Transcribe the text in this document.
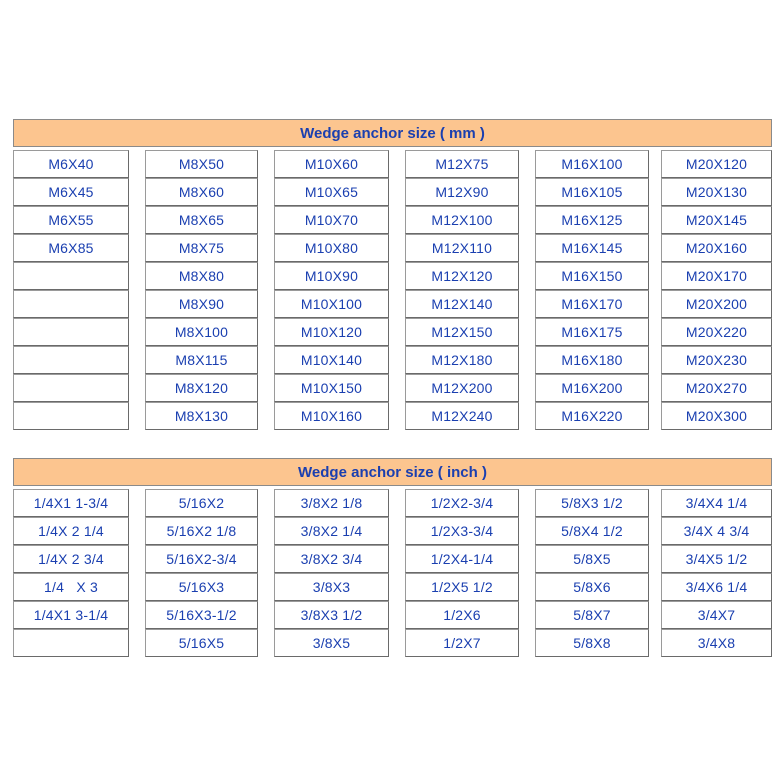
Wedge anchor size ( mm )
M6X40
M6X45
M6X55
M6X85
M8X50
M8X60
M8X65
M8X75
M8X80
M8X90
M8X100
M8X115
M8X120
M8X130
M10X60
M10X65
M10X70
M10X80
M10X90
M10X100
M10X120
M10X140
M10X150
M10X160
M12X75
M12X90
M12X100
M12X110
M12X120
M12X140
M12X150
M12X180
M12X200
M12X240
M16X100
M16X105
M16X125
M16X145
M16X150
M16X170
M16X175
M16X180
M16X200
M16X220
M20X120
M20X130
M20X145
M20X160
M20X170
M20X200
M20X220
M20X230
M20X270
M20X300
Wedge anchor size ( inch )
1/4X1 1-3/4
1/4X 2 1/4
1/4X 2 3/4
1/4   X 3
1/4X1 3-1/4
5/16X2
5/16X2 1/8
5/16X2-3/4
5/16X3
5/16X3-1/2
5/16X5
3/8X2 1/8
3/8X2 1/4
3/8X2 3/4
3/8X3
3/8X3 1/2
3/8X5
1/2X2-3/4
1/2X3-3/4
1/2X4-1/4
1/2X5 1/2
1/2X6
1/2X7
5/8X3 1/2
5/8X4 1/2
5/8X5
5/8X6
5/8X7
5/8X8
3/4X4 1/4
3/4X 4 3/4
3/4X5 1/2
3/4X6 1/4
3/4X7
3/4X8
